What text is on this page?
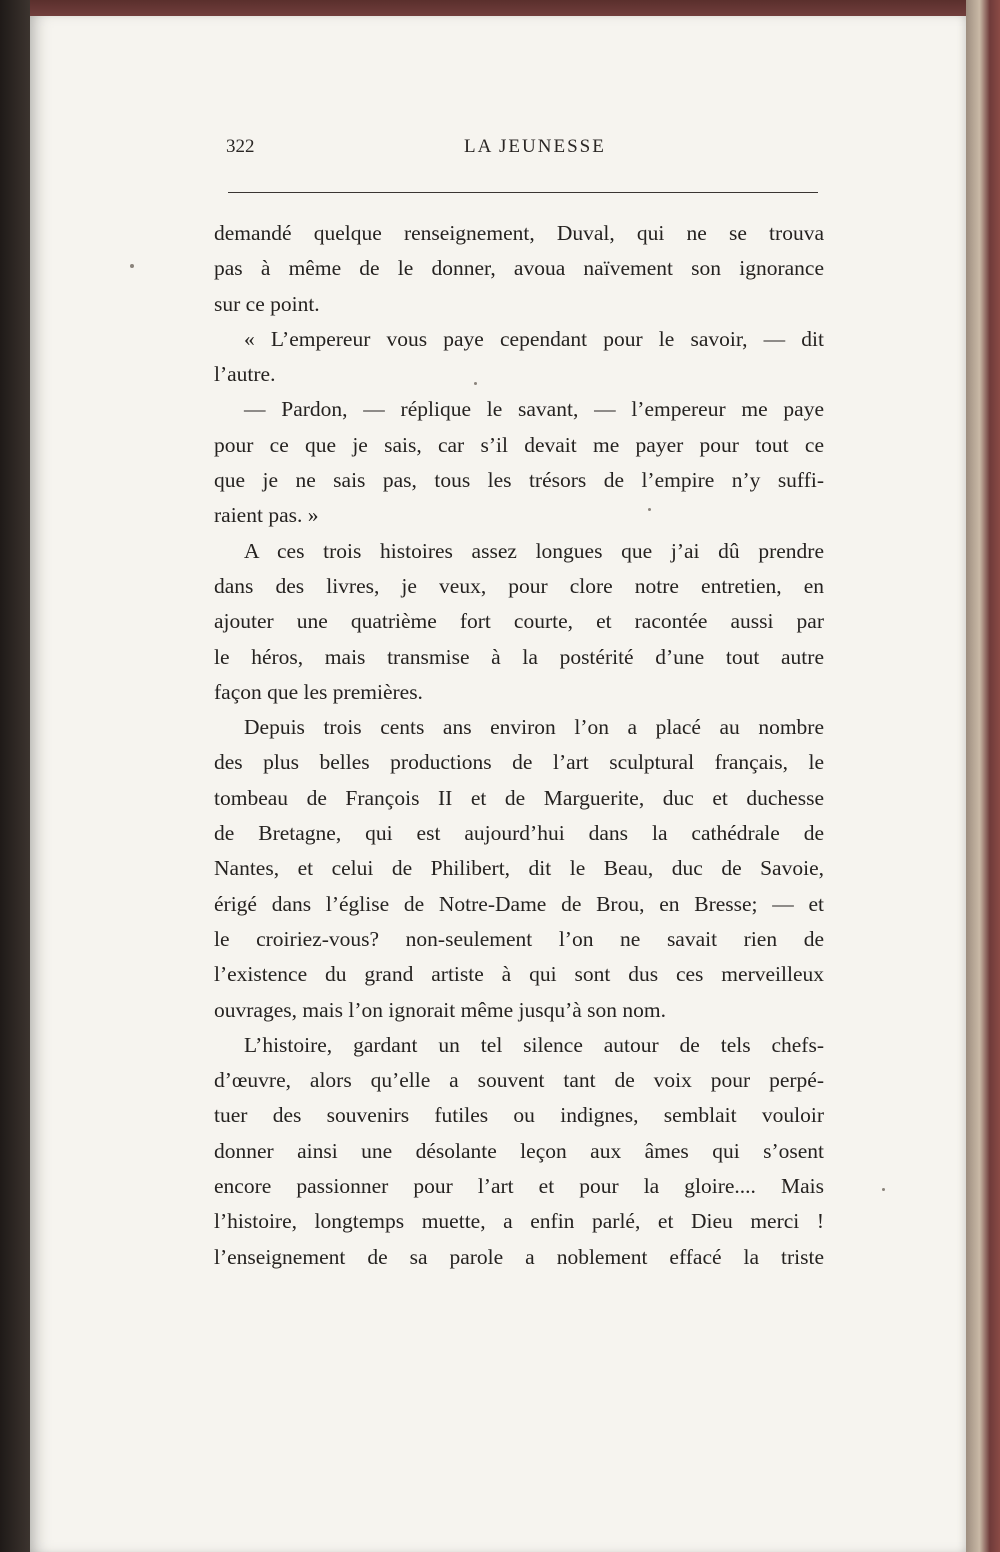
322	LA JEUNESSE
demandé quelque renseignement, Duval, qui ne se trouva
pas à même de le donner, avoua naïvement son ignorance
sur ce point.
« L’empereur vous paye cependant pour le savoir, — dit
l’autre.
— Pardon, — réplique le savant, — l’empereur me paye
pour ce que je sais, car s’il devait me payer pour tout ce
que je ne sais pas, tous les trésors de l’empire n’y suffi-
raient pas. »
A ces trois histoires assez longues que j’ai dû prendre
dans des livres, je veux, pour clore notre entretien, en
ajouter une quatrième fort courte, et racontée aussi par
le héros, mais transmise à la postérité d’une tout autre
façon que les premières.
Depuis trois cents ans environ l’on a placé au nombre
des plus belles productions de l’art sculptural français, le
tombeau de François II et de Marguerite, duc et duchesse
de Bretagne, qui est aujourd’hui dans la cathédrale de
Nantes, et celui de Philibert, dit le Beau, duc de Savoie,
érigé dans l’église de Notre-Dame de Brou, en Bresse; — et
le croiriez-vous? non-seulement l’on ne savait rien de
l’existence du grand artiste à qui sont dus ces merveilleux
ouvrages, mais l’on ignorait même jusqu’à son nom.
L’histoire, gardant un tel silence autour de tels chefs-
d’œuvre, alors qu’elle a souvent tant de voix pour perpé-
tuer des souvenirs futiles ou indignes, semblait vouloir
donner ainsi une désolante leçon aux âmes qui s’osent
encore passionner pour l’art et pour la gloire.... Mais
l’histoire, longtemps muette, a enfin parlé, et Dieu merci !
l’enseignement de sa parole a noblement effacé la triste
